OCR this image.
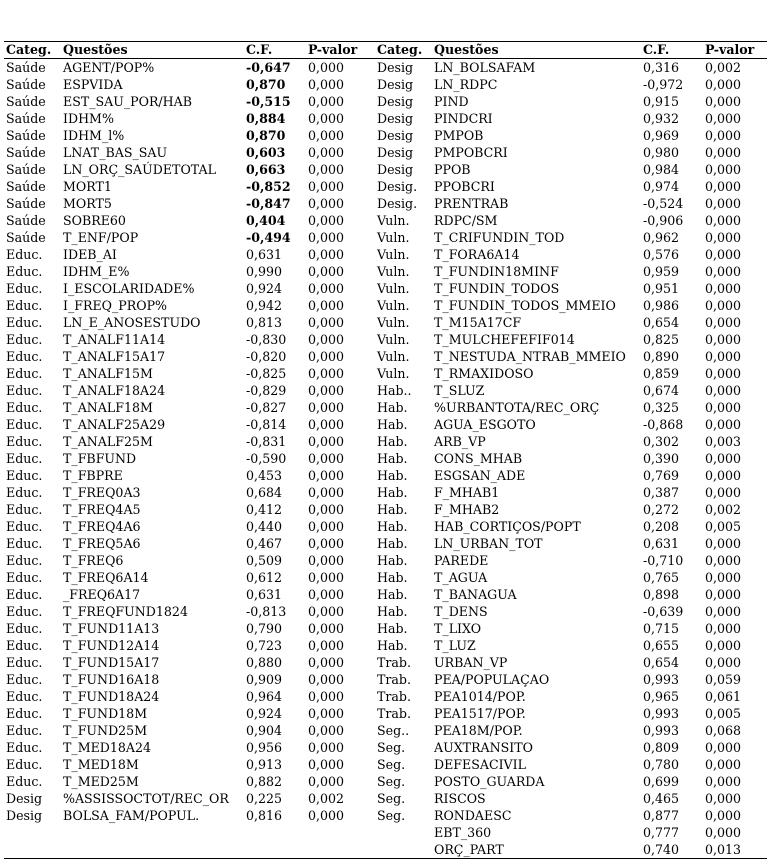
Categ.	Questões	C.F.	P-valor	Categ.	Questões	C.F.	P-valor
Saúde	AGENT/POP%	-0,647	0,000	Desig	LN_BOLSAFAM	0,316	0,002
Saúde	ESPVIDA	0,870	0,000	Desig	LN_RDPC	-0,972	0,000
Saúde	EST_SAU_POR/HAB	-0,515	0,000	Desig	PIND	0,915	0,000
Saúde	IDHM%	0,884	0,000	Desig	PINDCRI	0,932	0,000
Saúde	IDHM_l%	0,870	0,000	Desig	PMPOB	0,969	0,000
Saúde	LNAT_BAS_SAU	0,603	0,000	Desig	PMPOBCRI	0,980	0,000
Saúde	LN_ORÇ_SAÚDETOTAL	0,663	0,000	Desig	PPOB	0,984	0,000
Saúde	MORT1	-0,852	0,000	Desig.	PPOBCRI	0,974	0,000
Saúde	MORT5	-0,847	0,000	Desig.	PRENTRAB	-0,524	0,000
Saúde	SOBRE60	0,404	0,000	Vuln.	RDPC/SM	-0,906	0,000
Saúde	T_ENF/POP	-0,494	0,000	Vuln.	T_CRIFUNDIN_TOD	0,962	0,000
Educ.	IDEB_AI	0,631	0,000	Vuln.	T_FORA6A14	0,576	0,000
Educ.	IDHM_E%	0,990	0,000	Vuln.	T_FUNDIN18MINF	0,959	0,000
Educ.	I_ESCOLARIDADE%	0,924	0,000	Vuln.	T_FUNDIN_TODOS	0,951	0,000
Educ.	I_FREQ_PROP%	0,942	0,000	Vuln.	T_FUNDIN_TODOS_MMEIO	0,986	0,000
Educ.	LN_E_ANOSESTUDO	0,813	0,000	Vuln.	T_M15A17CF	0,654	0,000
Educ.	T_ANALF11A14	-0,830	0,000	Vuln.	T_MULCHEFEFIF014	0,825	0,000
Educ.	T_ANALF15A17	-0,820	0,000	Vuln.	T_NESTUDA_NTRAB_MMEIO	0,890	0,000
Educ.	T_ANALF15M	-0,825	0,000	Vuln.	T_RMAXIDOSO	0,859	0,000
Educ.	T_ANALF18A24	-0,829	0,000	Hab..	T_SLUZ	0,674	0,000
Educ.	T_ANALF18M	-0,827	0,000	Hab.	%URBANTOTA/REC_ORÇ	0,325	0,000
Educ.	T_ANALF25A29	-0,814	0,000	Hab.	AGUA_ESGOTO	-0,868	0,000
Educ.	T_ANALF25M	-0,831	0,000	Hab.	ARB_VP	0,302	0,003
Educ.	T_FBFUND	-0,590	0,000	Hab.	CONS_MHAB	0,390	0,000
Educ.	T_FBPRE	0,453	0,000	Hab.	ESGSAN_ADE	0,769	0,000
Educ.	T_FREQ0A3	0,684	0,000	Hab.	F_MHAB1	0,387	0,000
Educ.	T_FREQ4A5	0,412	0,000	Hab.	F_MHAB2	0,272	0,002
Educ.	T_FREQ4A6	0,440	0,000	Hab.	HAB_CORTIÇOS/POPT	0,208	0,005
Educ.	T_FREQ5A6	0,467	0,000	Hab.	LN_URBAN_TOT	0,631	0,000
Educ.	T_FREQ6	0,509	0,000	Hab.	PAREDE	-0,710	0,000
Educ.	T_FREQ6A14	0,612	0,000	Hab.	T_AGUA	0,765	0,000
Educ.	_FREQ6A17	0,631	0,000	Hab.	T_BANAGUA	0,898	0,000
Educ.	T_FREQFUND1824	-0,813	0,000	Hab.	T_DENS	-0,639	0,000
Educ.	T_FUND11A13	0,790	0,000	Hab.	T_LIXO	0,715	0,000
Educ.	T_FUND12A14	0,723	0,000	Hab.	T_LUZ	0,655	0,000
Educ.	T_FUND15A17	0,880	0,000	Trab.	URBAN_VP	0,654	0,000
Educ.	T_FUND16A18	0,909	0,000	Trab.	PEA/POPULAÇAO	0,993	0,059
Educ.	T_FUND18A24	0,964	0,000	Trab.	PEA1014/POP.	0,965	0,061
Educ.	T_FUND18M	0,924	0,000	Trab.	PEA1517/POP.	0,993	0,005
Educ.	T_FUND25M	0,904	0,000	Seg..	PEA18M/POP.	0,993	0,068
Educ.	T_MED18A24	0,956	0,000	Seg.	AUXTRANSITO	0,809	0,000
Educ.	T_MED18M	0,913	0,000	Seg.	DEFESACIVIL	0,780	0,000
Educ.	T_MED25M	0,882	0,000	Seg.	POSTO_GUARDA	0,699	0,000
Desig	%ASSISSOCTOT/REC_OR	0,225	0,002	Seg.	RISCOS	0,465	0,000
Desig	BOLSA_FAM/POPUL.	0,816	0,000	Seg.	RONDAESC	0,877	0,000
					EBT_360	0,777	0,000
					ORÇ_PART	0,740	0,013
